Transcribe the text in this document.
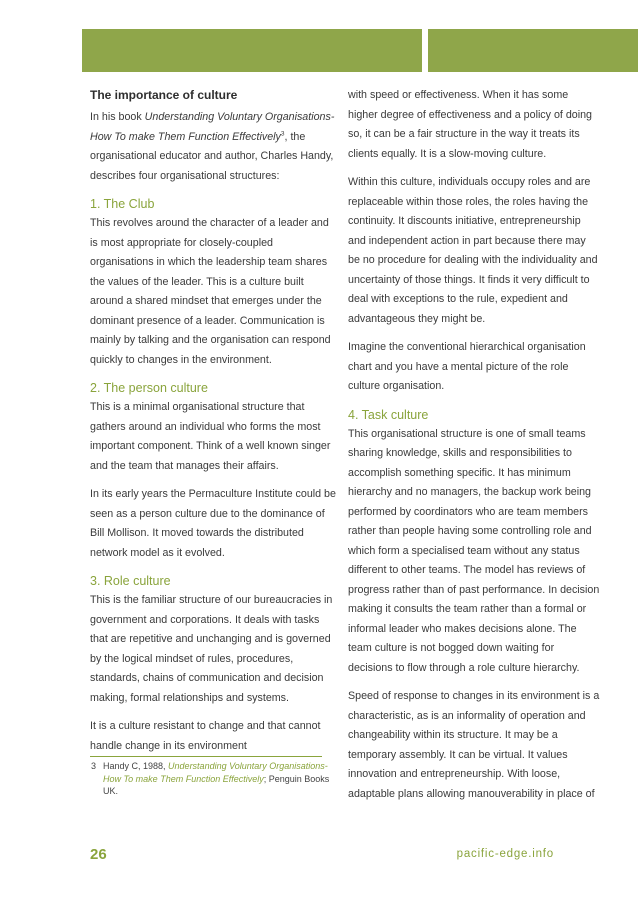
The importance of culture

In his book Understanding Voluntary Organisations-How To make Them Function Effectively$^3$, the organisational educator and author, Charles Handy, describes four organisational structures:

1. The Club

This revolves around the character of a leader and is most appropriate for closely-coupled organisations in which the leadership team shares the values of the leader. This is a culture built around a shared mindset that emerges under the dominant presence of a leader. Communication is mainly by talking and the organisation can respond quickly to changes in the environment.

2. The person culture

This is a minimal organisational structure that gathers around an individual who forms the most important component. Think of a well known singer and the team that manages their affairs.

In its early years the Permaculture Institute could be seen as a person culture due to the dominance of Bill Mollison. It moved towards the distributed network model as it evolved.

3. Role culture

This is the familiar structure of our bureaucracies in government and corporations. It deals with tasks that are repetitive and unchanging and is governed by the logical mindset of rules, procedures, standards, chains of communication and decision making, formal relationships and systems.

It is a culture resistant to change and that cannot handle change in its environment

3 Handy C, 1988, Understanding Voluntary Organisations-How To make Them Function Effectively; Penguin Books UK.

with speed or effectiveness. When it has some higher degree of effectiveness and a policy of doing so, it can be a fair structure in the way it treats its clients equally. It is a slow-moving culture.

Within this culture, individuals occupy roles and are replaceable within those roles, the roles having the continuity. It discounts initiative, entrepreneurship and independent action in part because there may be no procedure for dealing with the individuality and uncertainty of those things. It finds it very difficult to deal with exceptions to the rule, expedient and advantageous they might be.

Imagine the conventional hierarchical organisation chart and you have a mental picture of the role culture organisation.

4. Task culture

This organisational structure is one of small teams sharing knowledge, skills and responsibilities to accomplish something specific. It has minimum hierarchy and no managers, the backup work being performed by coordinators who are team members rather than people having some controlling role and which form a specialised team without any status different to other teams. The model has reviews of progress rather than of past performance. In decision making it consults the team rather than a formal or informal leader who makes decisions alone. The team culture is not bogged down waiting for decisions to flow through a role culture hierarchy.

Speed of response to changes in its environment is a characteristic, as is an informality of operation and changeability within its structure. It may be a temporary assembly. It can be virtual. It values innovation and entrepreneurship. With loose, adaptable plans allowing manouverability in place of

26	pacific-edge.info
